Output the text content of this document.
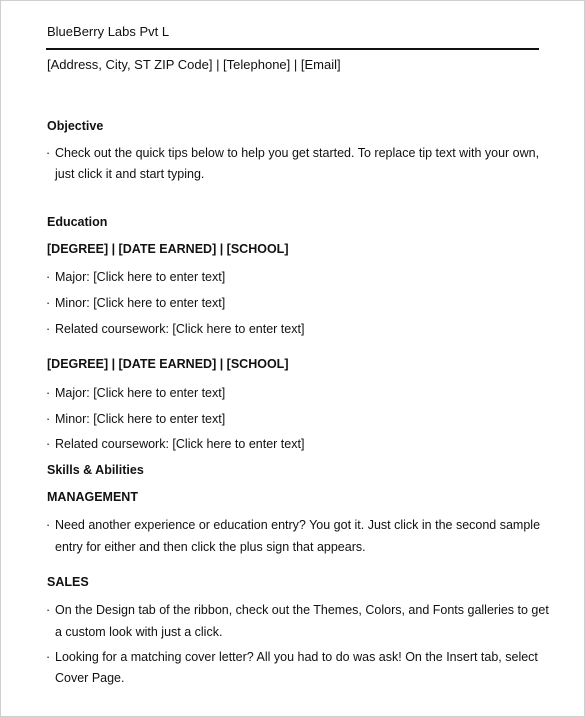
BlueBerry Labs Pvt L
[Address, City, ST ZIP Code] | [Telephone] | [Email]
Objective
· Check out the quick tips below to help you get started. To replace tip text with your own,
just click it and start typing.
Education
[DEGREE] | [DATE EARNED] | [SCHOOL]
· Major: [Click here to enter text]
· Minor: [Click here to enter text]
· Related coursework: [Click here to enter text]
[DEGREE] | [DATE EARNED] | [SCHOOL]
· Major: [Click here to enter text]
· Minor: [Click here to enter text]
· Related coursework: [Click here to enter text]
Skills & Abilities
MANAGEMENT
· Need another experience or education entry? You got it. Just click in the second sample
entry for either and then click the plus sign that appears.
SALES
· On the Design tab of the ribbon, check out the Themes, Colors, and Fonts galleries to get
a custom look with just a click.
· Looking for a matching cover letter? All you had to do was ask! On the Insert tab, select
Cover Page.
